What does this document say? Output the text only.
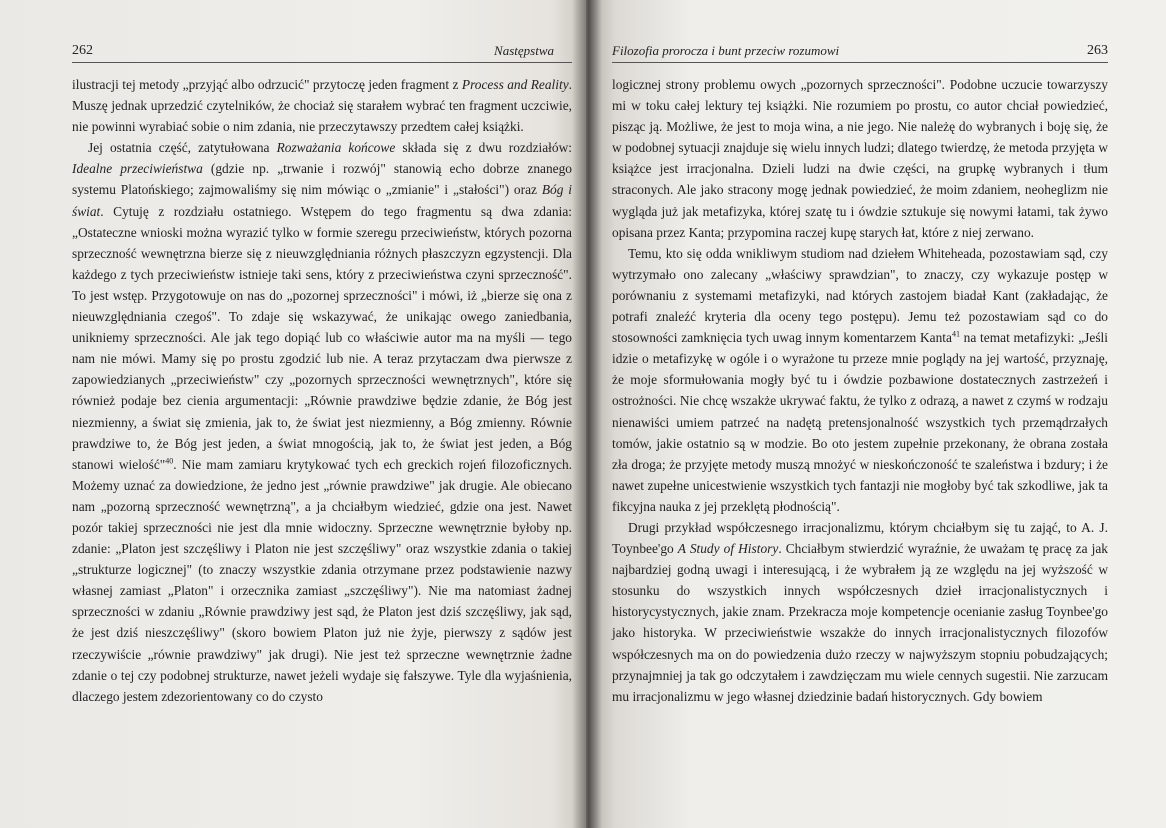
262	Następstwa

ilustracji tej metody „przyjąć albo odrzucić" przytoczę jeden fragment z Process and Reality. Muszę jednak uprzedzić czytelników, że chociaż się starałem wybrać ten fragment uczciwie, nie powinni wyrabiać sobie o nim zdania, nie przeczytawszy przedtem całej książki.

Jej ostatnia część, zatytułowana Rozważania końcowe składa się z dwu rozdziałów: Idealne przeciwieństwa (gdzie np. „trwanie i rozwój" stanowią echo dobrze znanego systemu Platońskiego; zajmowaliśmy się nim mówiąc o „zmianie" i „stałości") oraz Bóg i świat. Cytuję z rozdziału ostatniego. Wstępem do tego fragmentu są dwa zdania: „Ostateczne wnioski można wyrazić tylko w formie szeregu przeciwieństw, których pozorna sprzeczność wewnętrzna bierze się z nieuwzględniania różnych płaszczyzn egzystencji. Dla każdego z tych przeciwieństw istnieje taki sens, który z przeciwieństwa czyni sprzeczność". To jest wstęp. Przygotowuje on nas do „pozornej sprzeczności" i mówi, iż „bierze się ona z nieuwzględniania czegoś". To zdaje się wskazywać, że unikając owego zaniedbania, unikniemy sprzeczności. Ale jak tego dopiąć lub co właściwie autor ma na myśli — tego nam nie mówi. Mamy się po prostu zgodzić lub nie. A teraz przytaczam dwa pierwsze z zapowiedzianych „przeciwieństw" czy „pozornych sprzeczności wewnętrznych", które się również podaje bez cienia argumentacji: „Równie prawdziwe będzie zdanie, że Bóg jest niezmienny, a świat się zmienia, jak to, że świat jest niezmienny, a Bóg zmienny. Równie prawdziwe to, że Bóg jest jeden, a świat mnogością, jak to, że świat jest jeden, a Bóg stanowi wielość"$^{40}$. Nie mam zamiaru krytykować tych ech greckich rojeń filozoficznych. Możemy uznać za dowiedzione, że jedno jest „równie prawdziwe" jak drugie. Ale obiecano nam „pozorną sprzeczność wewnętrzną", a ja chciałbym wiedzieć, gdzie ona jest. Nawet pozór takiej sprzeczności nie jest dla mnie widoczny. Sprzeczne wewnętrznie byłoby np. zdanie: „Platon jest szczęśliwy i Platon nie jest szczęśliwy" oraz wszystkie zdania o takiej „strukturze logicznej" (to znaczy wszystkie zdania otrzymane przez podstawienie nazwy własnej zamiast „Platon" i orzecznika zamiast „szczęśliwy"). Nie ma natomiast żadnej sprzeczności w zdaniu „Równie prawdziwy jest sąd, że Platon jest dziś szczęśliwy, jak sąd, że jest dziś nieszczęśliwy" (skoro bowiem Platon już nie żyje, pierwszy z sądów jest rzeczywiście „równie prawdziwy" jak drugi). Nie jest też sprzeczne wewnętrznie żadne zdanie o tej czy podobnej strukturze, nawet jeżeli wydaje się fałszywe. Tyle dla wyjaśnienia, dlaczego jestem zdezorientowany co do czysto

Filozofia proroczа i bunt przeciw rozumowi	263

logicznej strony problemu owych „pozornych sprzeczności". Podobne uczucie towarzyszy mi w toku całej lektury tej książki. Nie rozumiem po prostu, co autor chciał powiedzieć, pisząc ją. Możliwe, że jest to moja wina, a nie jego. Nie należę do wybranych i boję się, że w podobnej sytuacji znajduje się wielu innych ludzi; dlatego twierdzę, że metoda przyjęta w książce jest irracjonalna. Dzieli ludzi na dwie części, na grupkę wybranych i tłum straconych. Ale jako stracony mogę jednak powiedzieć, że moim zdaniem, neoheglizm nie wygląda już jak metafizyka, której szatę tu i ówdzie sztukuje się nowymi łatami, tak żywo opisana przez Kanta; przypomina raczej kupę starych łat, które z niej zerwano.

Temu, kto się odda wnikliwym studiom nad dziełem Whiteheada, pozostawiam sąd, czy wytrzymało ono zalecany „właściwy sprawdzian", to znaczy, czy wykazuje postęp w porównaniu z systemami metafizyki, nad których zastojem biadał Kant (zakładając, że potrafi znaleźć kryteria dla oceny tego postępu). Jemu też pozostawiam sąd co do stosowności zamknięcia tych uwag innym komentarzem Kanta$^{41}$ na temat metafizyki: „Jeśli idzie o metafizykę w ogóle i o wyrażone tu przeze mnie poglądy na jej wartość, przyznaję, że moje sformułowania mogły być tu i ówdzie pozbawione dostatecznych zastrzeżeń i ostrożności. Nie chcę wszakże ukrywać faktu, że tylko z odrazą, a nawet z czymś w rodzaju nienawiści umiem patrzeć na nadętą pretensjonalność wszystkich tych przemądrzałych tomów, jakie ostatnio są w modzie. Bo oto jestem zupełnie przekonany, że obrana została zła droga; że przyjęte metody muszą mnożyć w nieskończoność te szaleństwa i bzdury; i że nawet zupełne unicestwienie wszystkich tych fantazji nie mogłoby być tak szkodliwe, jak ta fikcyjna nauka z jej przeklętą płodnością".

Drugi przykład współczesnego irracjonalizmu, którym chciałbym się tu zająć, to A. J. Toynbee'go A Study of History. Chciałbym stwierdzić wyraźnie, że uważam tę pracę za jak najbardziej godną uwagi i interesującą, i że wybrałem ją ze względu na jej wyższość w stosunku do wszystkich innych współczesnych dzieł irracjonalistycznych i historycystycznych, jakie znam. Przekracza moje kompetencje ocenianie zasług Toynbee'go jako historyka. W przeciwieństwie wszakże do innych irracjonalistycznych filozofów współczesnych ma on do powiedzenia dużo rzeczy w najwyższym stopniu pobudzających; przynajmniej ja tak go odczytałem i zawdzięczam mu wiele cennych sugestii. Nie zarzucam mu irracjonalizmu w jego własnej dziedzinie badań historycznych. Gdy bowiem
